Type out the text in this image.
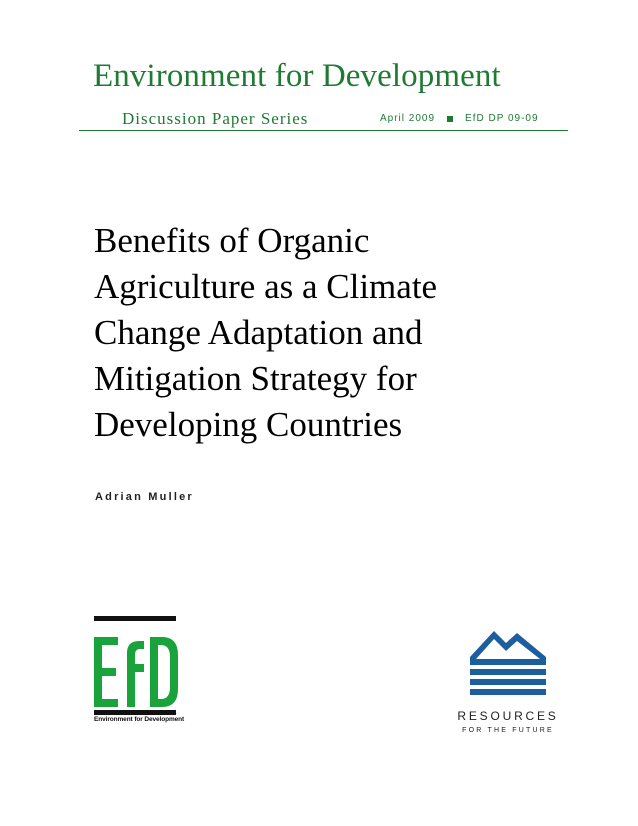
Environment for Development
Discussion Paper Series	April 2009	EfD DP 09-09
Benefits of Organic
Agriculture as a Climate
Change Adaptation and
Mitigation Strategy for
Developing Countries
Adrian Muller
Environment for Development	RESOURCES
FOR THE FUTURE
